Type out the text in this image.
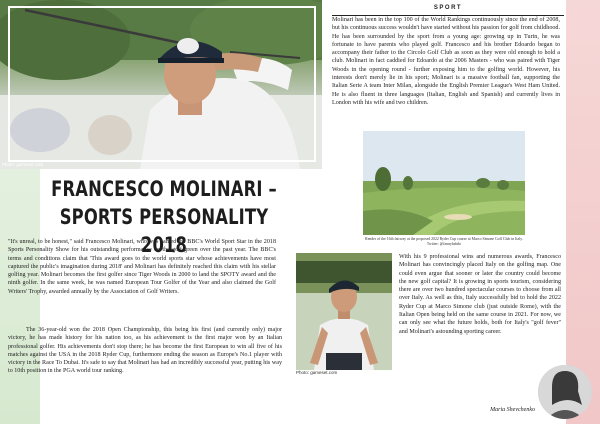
Photo: gameset.com
SPORT
FRANCESCO MOLINARI – SPORTS PERSONALITY 2018

"It's unreal, to be honest," said Francesco Molinari, who was named the BBC's World Sport Star in the 2018 Sports Personality Show for his outstanding performance on the golf green over the past year. The BBC's terms and conditions claim that 'This award goes to the world sports star whose achievements have most captured the public's imagination during 2018' and Molinari has definitely reached this claim with his stellar golfing year. Molinari becomes the first golfer since Tiger Woods in 2000 to land the SPOTY award and the ninth golfer. In the same week, he was named European Tour Golfer of the Year and also claimed the Golf Writers' Trophy, awarded annually by the Association of Golf Writers.

The 36-year-old won the 2018 Open Championship, this being his first (and currently only) major victory, he has made history for his nation too, as his achievement is the first major won by an Italian professional golfer. His achievements don't stop there; he has become the first European to win all five of his matches against the USA in the 2018 Ryder Cup, furthermore ending the season as Europe's No.1 player with victory in the Race To Dubai. It's safe to say that Molinari has had an incredibly successful year, putting his way to 10th position in the PGA world tour ranking.

Molinari has been in the top 100 of the World Rankings continuously since the end of 2008, but his continuous success wouldn't have started without his passion for golf from childhood. He has been surrounded by the sport from a young age: growing up in Turin, he was fortunate to have parents who played golf. Francesco and his brother Edoardo began to accompany their father to the Circolo Golf Club as soon as they were old enough to hold a club. Molinari in fact caddied for Edoardo at the 2006 Masters - who was paired with Tiger Woods in the opening round - further exposing him to the golfing world. However, his interests don't merely lie in his sport; Molinari is a massive football fan, supporting the Italian Serie A team Inter Milan, alongside the English Premier League's West Ham United. He is also fluent in three languages (Italian, English and Spanish) and currently lives in London with his wife and two children.

Render of the 16th fairway at the proposed 2022 Ryder Cup course at Marco Simone Golf Club in Italy. Twitter: @fannybabdo
Photo: gameset.com

With his 9 professional wins and numerous awards, Francesco Molinari has convincingly placed Italy on the golfing map. One could even argue that sooner or later the country could become the new golf capital? It is growing in sports tourism, considering there are over two hundred spectacular courses to choose from all over Italy. As well as this, Italy successfully bid to hold the 2022 Ryder Cup at Marco Simone club (just outside Rome), with the Italian Open being held on the same course in 2021. For now, we can only see what the future holds, both for Italy's "golf fever" and Molinari's astounding sporting career.

Maria Shevchenko
